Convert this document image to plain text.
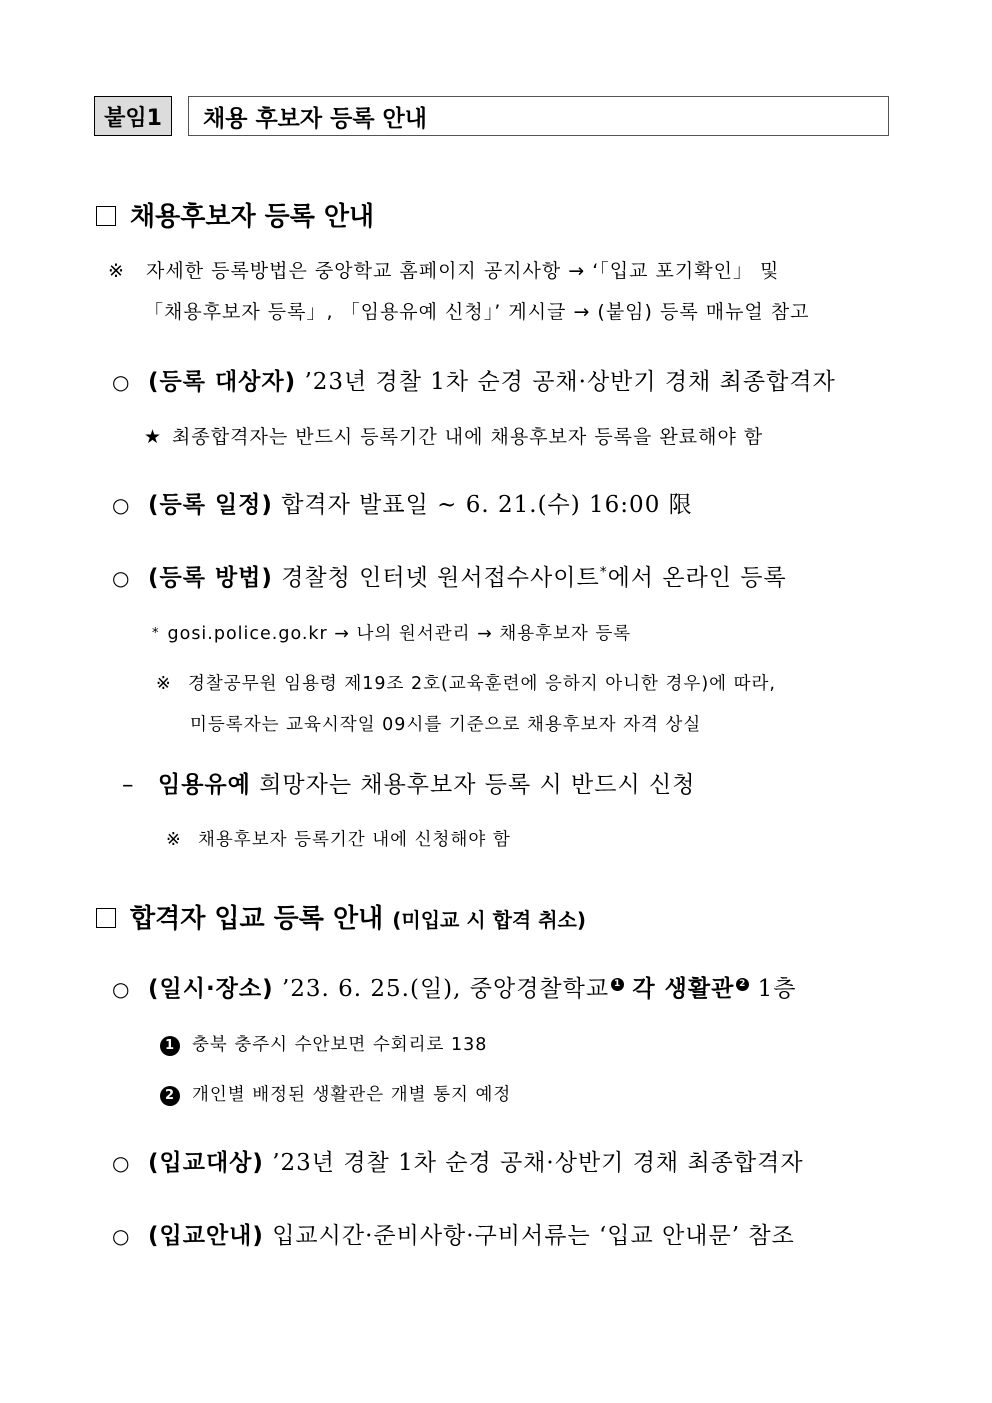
붙임1	채용 후보자 등록 안내
채용후보자 등록 안내
※ 자세한 등록방법은 중앙학교 홈페이지 공지사항 → ‘「입교 포기확인」 및
「채용후보자 등록」, 「임용유예 신청」’ 게시글 → (붙임) 등록 매뉴얼 참고
○ (등록 대상자) ’23년 경찰 1차 순경 공채·상반기 경채 최종합격자
★ 최종합격자는 반드시 등록기간 내에 채용후보자 등록을 완료해야 함
○ (등록 일정) 합격자 발표일 ~ 6. 21.(수) 16:00 限
○ (등록 방법) 경찰청 인터넷 원서접수사이트*에서 온라인 등록
* gosi.police.go.kr → 나의 원서관리 → 채용후보자 등록
※ 경찰공무원 임용령 제19조 2호(교육훈련에 응하지 아니한 경우)에 따라,
미등록자는 교육시작일 09시를 기준으로 채용후보자 자격 상실
– 임용유예 희망자는 채용후보자 등록 시 반드시 신청
※ 채용후보자 등록기간 내에 신청해야 함
합격자 입교 등록 안내 (미입교 시 합격 취소)
○ (일시·장소) ’23. 6. 25.(일), 중앙경찰학교 1 각 생활관 2 1층
1 충북 충주시 수안보면 수회리로 138
2 개인별 배정된 생활관은 개별 통지 예정
○ (입교대상) ’23년 경찰 1차 순경 공채·상반기 경채 최종합격자
○ (입교안내) 입교시간·준비사항·구비서류는 ‘입교 안내문’ 참조
